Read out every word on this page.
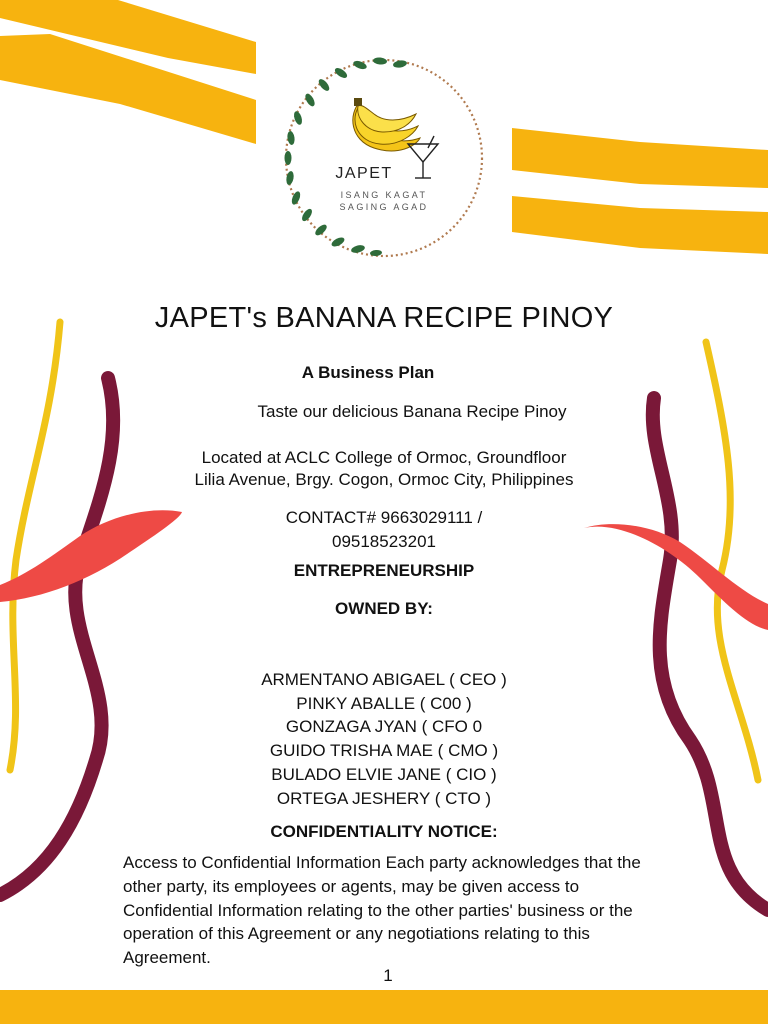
JAPET
ISANG KAGAT
SAGING AGAD
JAPET's BANANA RECIPE PINOY

A Business Plan

Taste our delicious Banana Recipe Pinoy

Located at ACLC College of Ormoc, Groundfloor
Lilia Avenue, Brgy. Cogon, Ormoc City, Philippines
CONTACT# 9663029111 /
09518523201

ENTREPRENEURSHIP

OWNED BY:

ARMENTANO ABIGAEL ( CEO )
PINKY ABALLE ( C00 )
GONZAGA JYAN ( CFO 0
GUIDO TRISHA MAE ( CMO )
BULADO ELVIE JANE ( CIO )
ORTEGA JESHERY ( CTO )

CONFIDENTIALITY NOTICE:

Access to Confidential Information Each party acknowledges that the other party, its employees or agents, may be given access to Confidential Information relating to the other parties' business or the operation of this Agreement or any negotiations relating to this Agreement.

1
